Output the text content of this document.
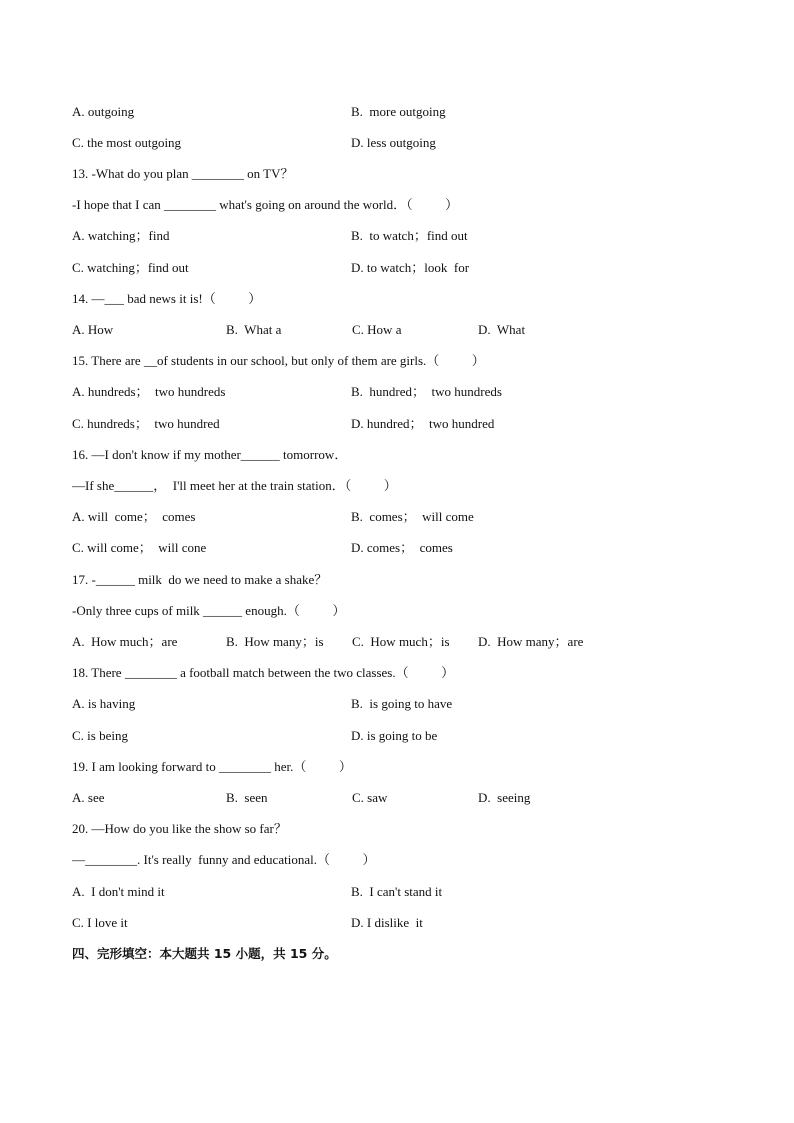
A. outgoing	B.  more outgoing
C. the most outgoing	D. less outgoing
13. -What do you plan ________ on TV？
-I hope that I can ________ what's going on around the world．（          ）
A. watching；find	B.  to watch；find out
C. watching；find out	D. to watch；look  for
14. —___ bad news it is!（          ）
A. How	B.  What a	C. How a	D.  What
15. There are __of students in our school, but only of them are girls.（          ）
A. hundreds；  two hundreds	B.  hundred；  two hundreds
C. hundreds；  two hundred	D. hundred；  two hundred
16. —I don't know if my mother______ tomorrow．
—If she______，  I'll meet her at the train station．（          ）
A. will  come；  comes	B.  comes；  will come
C. will come；  will cone	D. comes；  comes
17. -______ milk  do we need to make a shake？
-Only three cups of milk ______ enough.（          ）
A.  How much；are	B.  How many；is C.  How much；is D.  How many；are
18. There ________ a football match between the two classes.（          ）
A. is having	B.  is going to have
C. is being	D. is going to be
19. I am looking forward to ________ her.（          ）
A. see	B.  seen	C. saw	D.  seeing
20. —How do you like the show so far？
—________. It's really  funny and educational.（          ）
A.  I don't mind it	B.  I can't stand it
C. I love it	D. I dislike  it
四、完形填空：本大题共 15 小题，共 15 分。
